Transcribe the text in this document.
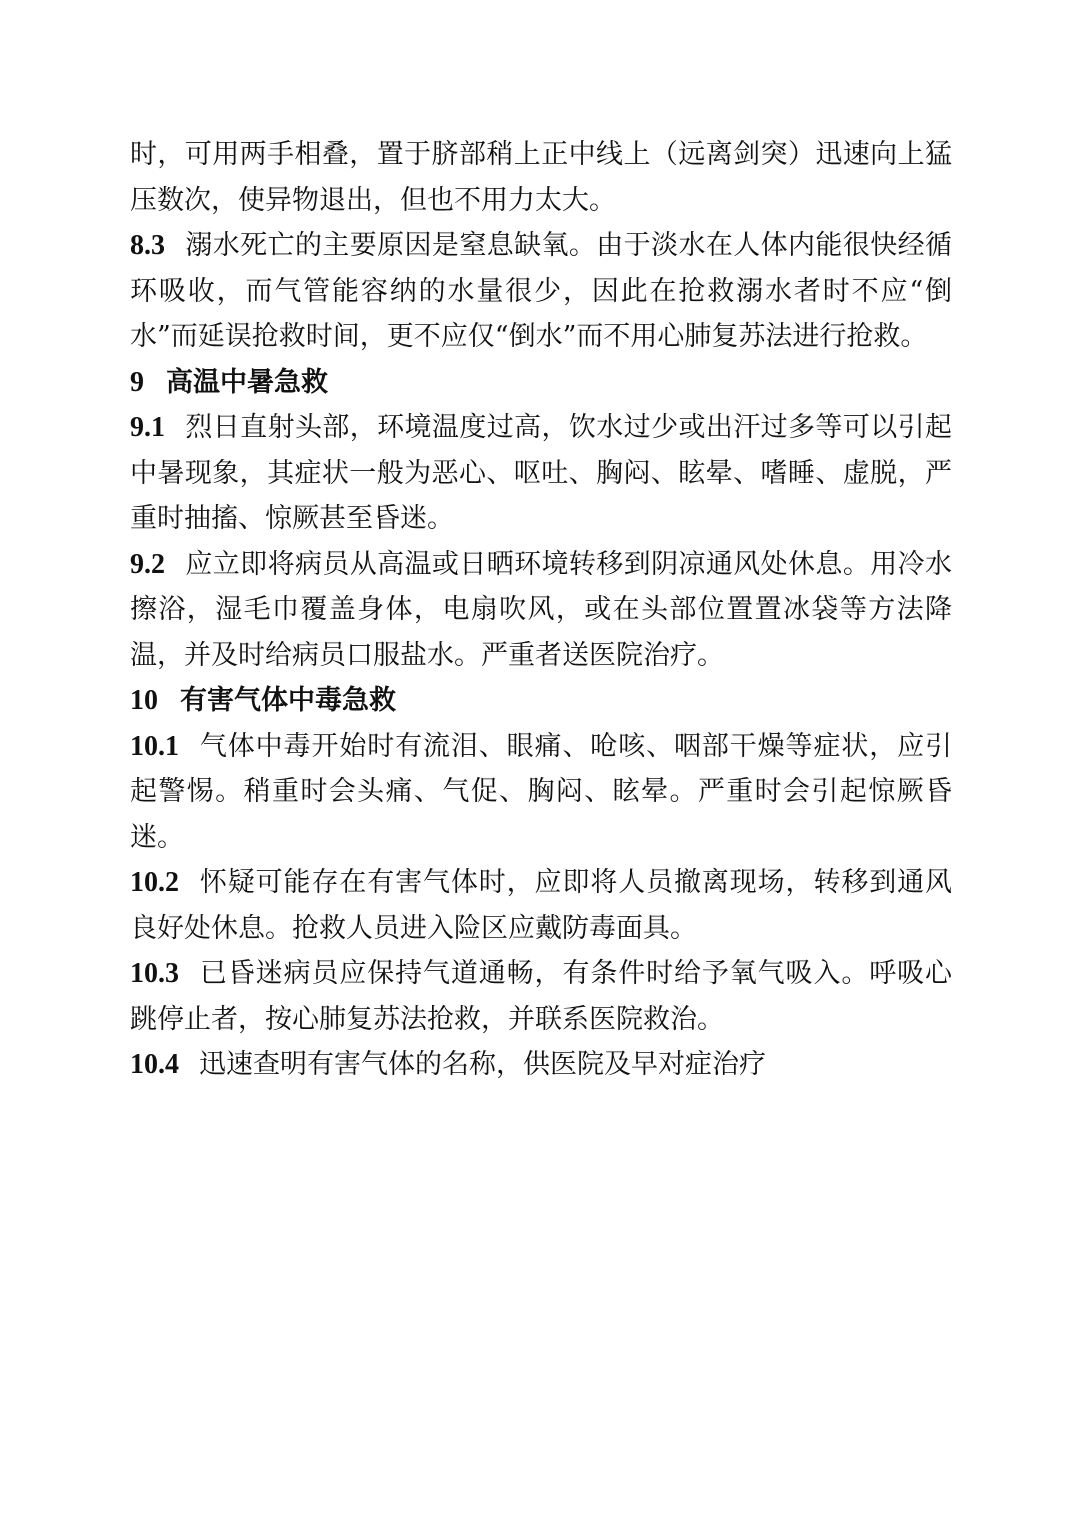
时，可用两手相叠，置于脐部稍上正中线上（远离剑突）迅速向上猛压数次，使异物退出，但也不用力太大。

8.3 溺水死亡的主要原因是窒息缺氧。由于淡水在人体内能很快经循环吸收，而气管能容纳的水量很少，因此在抢救溺水者时不应“倒水”而延误抢救时间，更不应仅“倒水”而不用心肺复苏法进行抢救。

9 高温中暑急救

9.1 烈日直射头部，环境温度过高，饮水过少或出汗过多等可以引起中暑现象，其症状一般为恶心、呕吐、胸闷、眩晕、嗜睡、虚脱，严重时抽搐、惊厥甚至昏迷。

9.2 应立即将病员从高温或日晒环境转移到阴凉通风处休息。用冷水擦浴，湿毛巾覆盖身体，电扇吹风，或在头部位置置冰袋等方法降温，并及时给病员口服盐水。严重者送医院治疗。

10 有害气体中毒急救

10.1 气体中毒开始时有流泪、眼痛、呛咳、咽部干燥等症状，应引起警惕。稍重时会头痛、气促、胸闷、眩晕。严重时会引起惊厥昏迷。

10.2 怀疑可能存在有害气体时，应即将人员撤离现场，转移到通风良好处休息。抢救人员进入险区应戴防毒面具。

10.3 已昏迷病员应保持气道通畅，有条件时给予氧气吸入。呼吸心跳停止者，按心肺复苏法抢救，并联系医院救治。

10.4 迅速查明有害气体的名称，供医院及早对症治疗
